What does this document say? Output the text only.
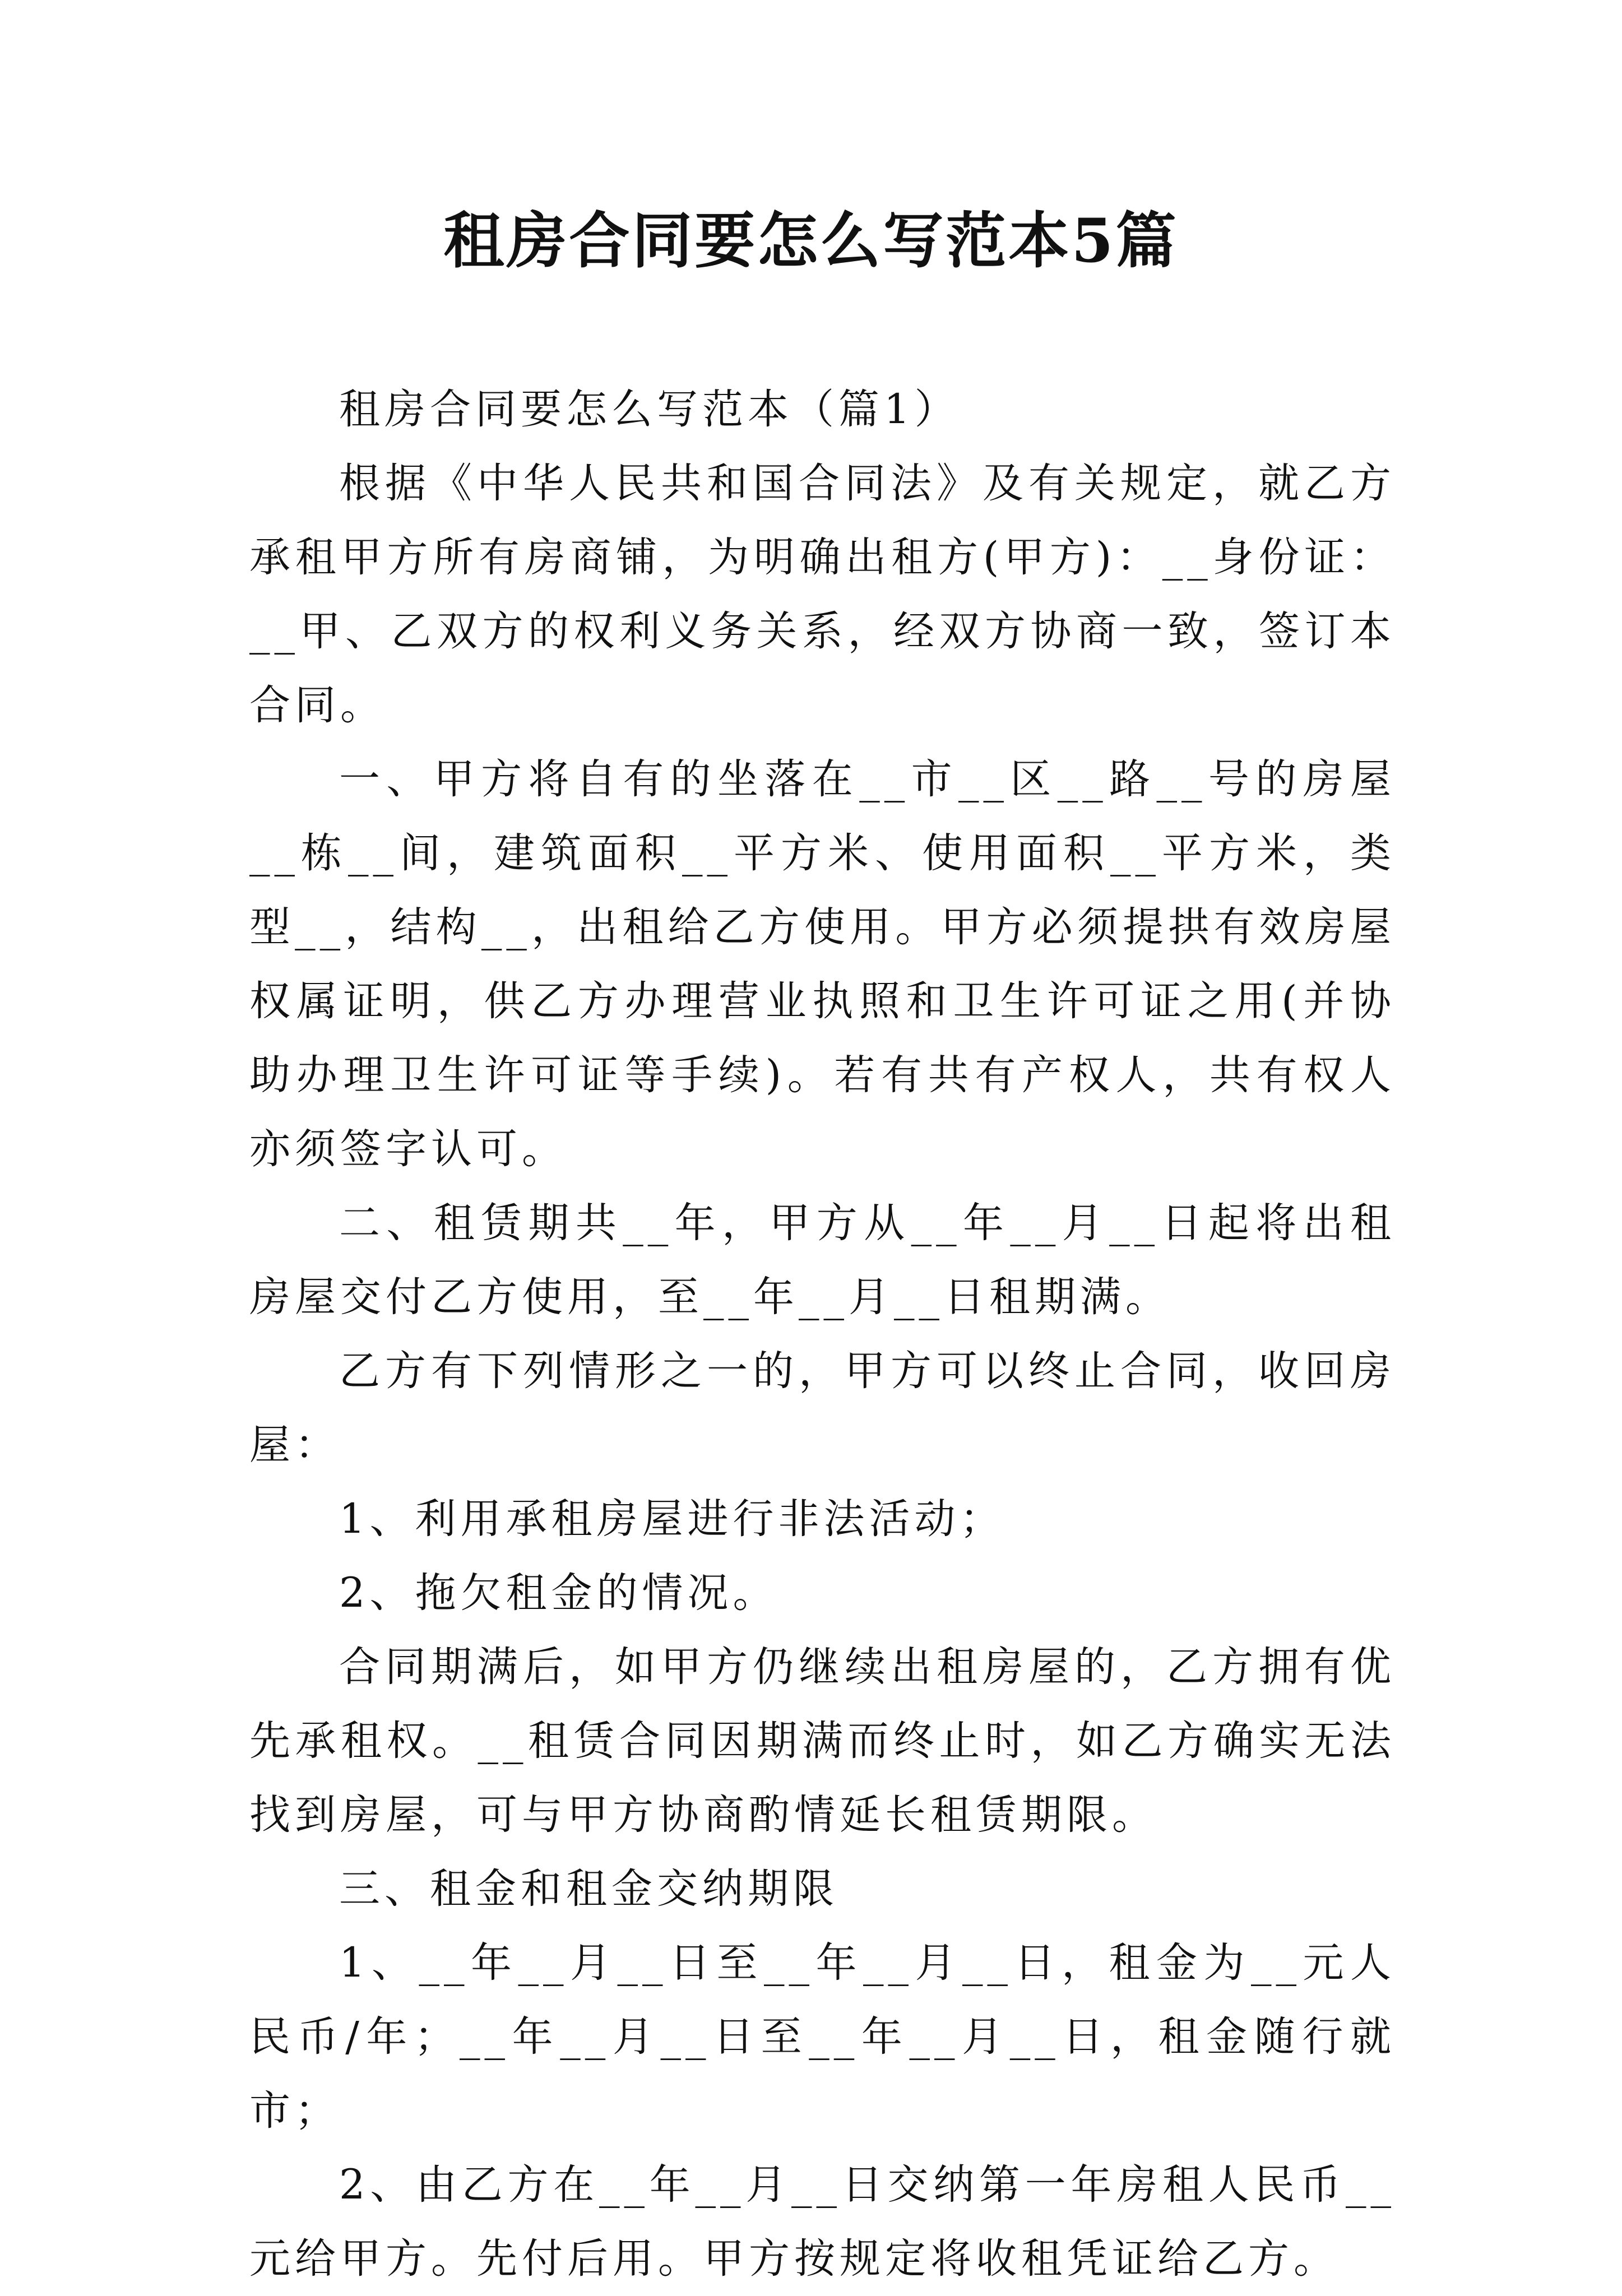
租房合同要怎么写范本5篇

租房合同要怎么写范本（篇1）

根据《中华人民共和国合同法》及有关规定，就乙方承租甲方所有房商铺，为明确出租方(甲方)：__身份证：__甲、乙双方的权利义务关系，经双方协商一致，签订本合同。

一、甲方将自有的坐落在__市__区__路__号的房屋__栋__间，建筑面积__平方米、使用面积__平方米，类型__，结构__，出租给乙方使用。甲方必须提拱有效房屋权属证明，供乙方办理营业执照和卫生许可证之用(并协助办理卫生许可证等手续)。若有共有产权人，共有权人亦须签字认可。

二、租赁期共__年，甲方从__年__月__日起将出租房屋交付乙方使用，至__年__月__日租期满。

乙方有下列情形之一的，甲方可以终止合同，收回房屋：

1、利用承租房屋进行非法活动；

2、拖欠租金的情况。

合同期满后，如甲方仍继续出租房屋的，乙方拥有优先承租权。__租赁合同因期满而终止时，如乙方确实无法找到房屋，可与甲方协商酌情延长租赁期限。

三、租金和租金交纳期限

1、__年__月__日至__年__月__日，租金为__元人民币/年；__年__月__日至__年__月__日，租金随行就市；

2、由乙方在__年__月__日交纳第一年房租人民币__元给甲方。先付后用。甲方按规定将收租凭证给乙方。
